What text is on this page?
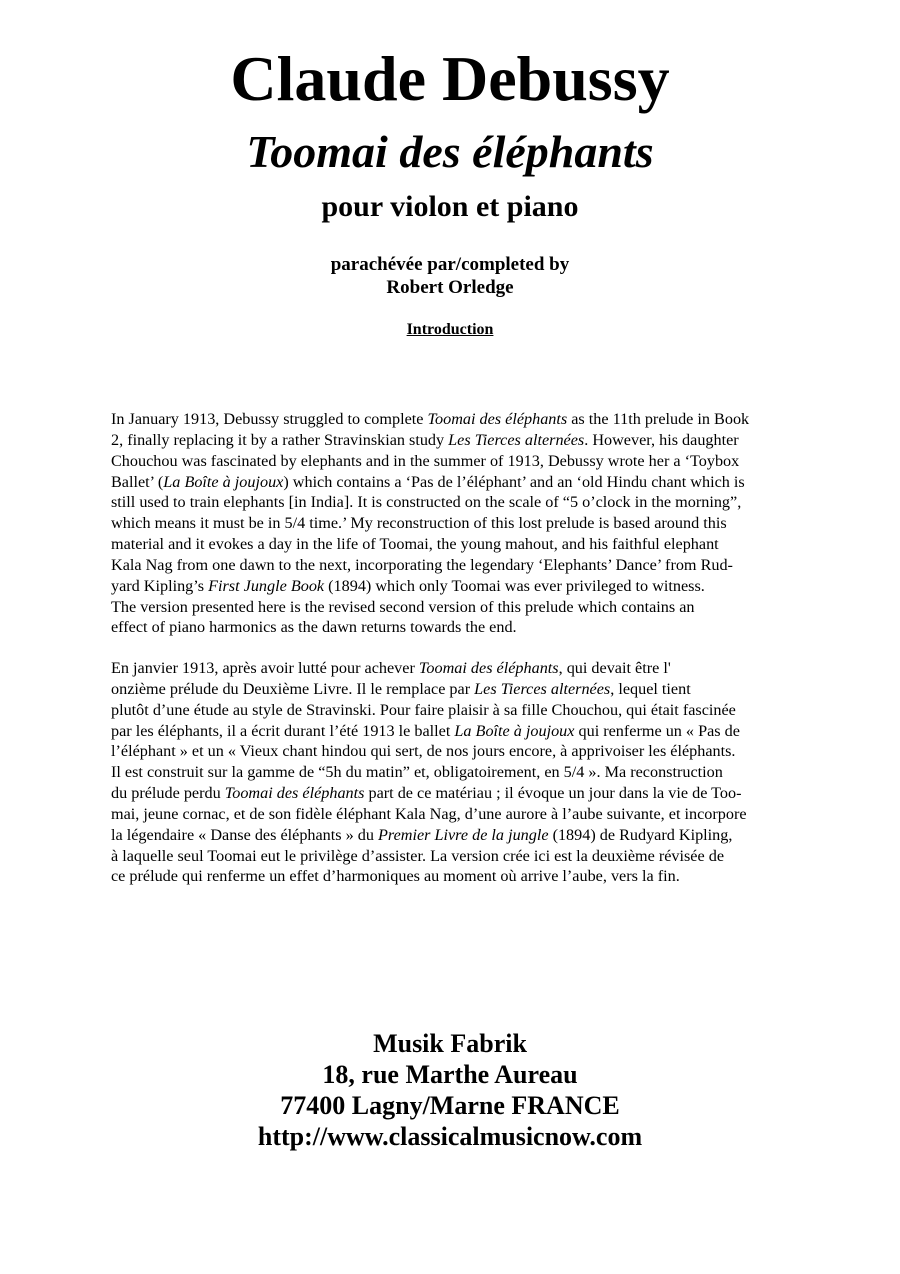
Claude Debussy
Toomai des éléphants
pour violon et piano
parachévée par/completed by
Robert Orledge
Introduction
In January 1913, Debussy struggled to complete Toomai des éléphants as the 11th prelude in Book
2, finally replacing it by a rather Stravinskian study Les Tierces alternées. However, his daughter
Chouchou was fascinated by elephants and in the summer of 1913, Debussy wrote her a ‘Toybox
Ballet’ (La Boîte à joujoux) which contains a ‘Pas de l’éléphant’ and an ‘old Hindu chant which is
still used to train elephants [in India]. It is constructed on the scale of “5 o’clock in the morning”,
which means it must be in 5/4 time.’ My reconstruction of this lost prelude is based around this
material and it evokes a day in the life of Toomai, the young mahout, and his faithful elephant
Kala Nag from one dawn to the next, incorporating the legendary ‘Elephants’ Dance’ from Rud-
yard Kipling’s First Jungle Book (1894) which only Toomai was ever privileged to witness.
The version presented here is the revised second version of this prelude which contains an
effect of piano harmonics as the dawn returns towards the end.
En janvier 1913, après avoir lutté pour achever Toomai des éléphants, qui devait être l'
onzième prélude du Deuxième Livre. Il le remplace par Les Tierces alternées, lequel tient
plutôt d’une étude au style de Stravinski. Pour faire plaisir à sa fille Chouchou, qui était fascinée
par les éléphants, il a écrit durant l’été 1913 le ballet La Boîte à joujoux qui renferme un « Pas de
l’éléphant » et un « Vieux chant hindou qui sert, de nos jours encore, à apprivoiser les éléphants.
Il est construit sur la gamme de “5h du matin” et, obligatoirement, en 5/4 ». Ma reconstruction
du prélude perdu Toomai des éléphants part de ce matériau ; il évoque un jour dans la vie de Too-
mai, jeune cornac, et de son fidèle éléphant Kala Nag, d’une aurore à l’aube suivante, et incorpore
la légendaire « Danse des éléphants » du Premier Livre de la jungle (1894) de Rudyard Kipling,
à laquelle seul Toomai eut le privilège d’assister. La version crée ici est la deuxième révisée de
ce prélude qui renferme un effet d’harmoniques au moment où arrive l’aube, vers la fin.
Musik Fabrik
18, rue Marthe Aureau
77400 Lagny/Marne FRANCE
http://www.classicalmusicnow.com
